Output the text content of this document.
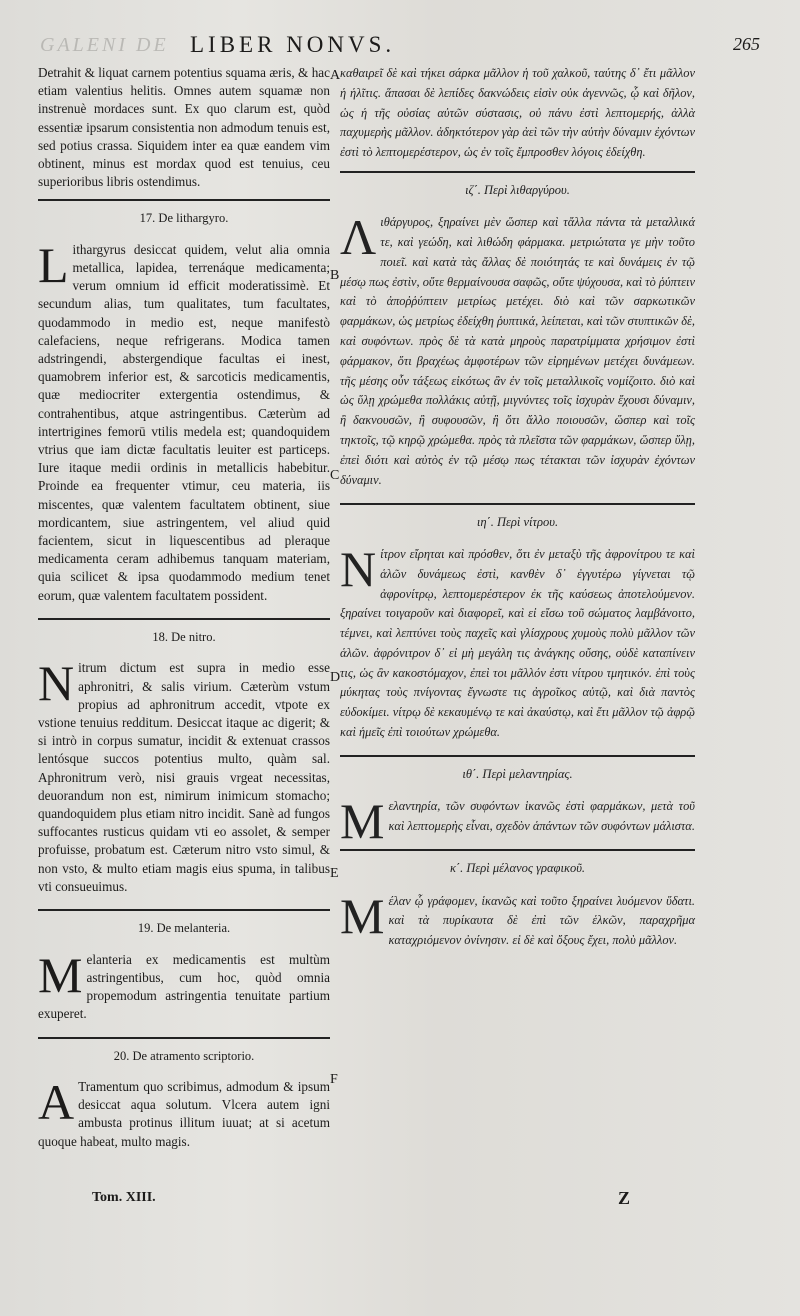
GALENI DE LIBER NONVS.	265

Detrahit & liquat carnem potentius squama æris, & hac etiam valentius helitis. Omnes autem squamæ non instrenuè mordaces sunt. Ex quo clarum est, quòd essentiæ ipsarum consistentia non admodum tenuis est, sed potius crassa. Siquidem inter ea quæ eandem vim obtinent, minus est mordax quod est tenuius, ceu superioribus libris ostendimus.

17. De lithargyro.

Lithargyrus desiccat quidem, velut alia omnia metallica, lapidea, terrenáque medicamenta; verum omnium id efficit moderatissimè. Et secundum alias, tum qualitates, tum facultates, quodammodo in medio est, neque manifestò calefaciens, neque refrigerans. Modica tamen adstringendi, abstergendique facultas ei inest, quamobrem inferior est, & sarcoticis medicamentis, quæ mediocriter extergentia ostendimus, & contrahentibus, atque astringentibus. Cæterùm ad intertrigines femorū vtilis medela est; quandoquidem vtrius que iam dictæ facultatis leuiter est particeps. Iure itaque medii ordinis in metallicis habebitur. Proinde ea frequenter vtimur, ceu materia, iis miscentes, quæ valentem facultatem obtinent, siue mordicantem, siue astringentem, vel aliud quid facientem, sicut in liquescentibus ad pleraque medicamenta ceram adhibemus tanquam materiam, quia scilicet & ipsa quodammodo medium tenet eorum, quæ valentem facultatem possident.

18. De nitro.

Nitrum dictum est supra in medio esse aphronitri, & salis virium. Cæterùm vstum propius ad aphronitrum accedit, vtpote ex vstione tenuius redditum. Desiccat itaque ac digerit; & si intrò in corpus sumatur, incidit & extenuat crassos lentósque succos potentius multo, quàm sal. Aphronitrum verò, nisi grauis vrgeat necessitas, deuorandum non est, nimirum inimicum stomacho; quandoquidem plus etiam nitro incidit. Sanè ad fungos suffocantes rusticus quidam vti eo assolet, & semper profuisse, probatum est. Cæterum nitro vsto simul, & non vsto, & multo etiam magis eius spuma, in talibus vti consueuimus.

19. De melanteria.

Melanteria ex medicamentis est multùm astringentibus, cum hoc, quòd omnia propemodum astringentia tenuitate partium exuperet.

20. De atramento scriptorio.

A Tramentum quo scribimus, admodum & ipsum desiccat aqua solutum. Vlcera autem igni ambusta protinus illitum iuuat; at si acetum quoque habeat, multo magis.

A
B
C
D
E
F

καθαιρεῖ δὲ καὶ τήκει σάρκα μᾶλλον ἡ τοῦ χαλκοῦ, ταύτης δ᾽ ἔτι μᾶλλον ἡ ἡλῖτις. ἅπασαι δὲ λεπίδες δακνώδεις εἰσὶν οὐκ ἀγεννῶς, ᾧ καὶ δῆλον, ὡς ἡ τῆς οὐσίας αὐτῶν σύστασις, οὐ πάνυ ἐστὶ λεπτομερής, ἀλλὰ παχυμερὴς μᾶλλον. ἀδηκτότερον γὰρ ἀεὶ τῶν τὴν αὐτὴν δύναμιν ἐχόντων ἐστὶ τὸ λεπτομερέστερον, ὡς ἐν τοῖς ἔμπροσθεν λόγοις ἐδείχθη.

ιζ΄. Περὶ λιθαργύρου.

Λιθάργυρος, ξηραίνει μὲν ὥσπερ καὶ τἄλλα πάντα τὰ μεταλλικά τε, καὶ γεώδη, καὶ λιθώδη φάρμακα. μετριώτατα γε μὴν τοῦτο ποιεῖ. καὶ κατὰ τὰς ἄλλας δὲ ποιότητάς τε καὶ δυνάμεις ἐν τῷ μέσῳ πως ἐστὶν, οὔτε θερμαίνουσα σαφῶς, οὔτε ψύχουσα, καὶ τὸ ῥύπτειν καὶ τὸ ἀποῤῥύπτειν μετρίως μετέχει. διὸ καὶ τῶν σαρκωτικῶν φαρμάκων, ὡς μετρίως ἐδείχθη ῥυπτικά, λείπεται, καὶ τῶν στυπτικῶν δὲ, καὶ συφόντων. πρὸς δὲ τὰ κατὰ μηροὺς παρατρίμματα χρήσιμον ἐστὶ φάρμακον, ὅτι βραχέως ἀμφοτέρων τῶν εἰρημένων μετέχει δυνάμεων. τῆς μέσης οὖν τάξεως εἰκότως ἂν ἐν τοῖς μεταλλικοῖς νομίζοιτο. διὸ καὶ ὡς ὕλῃ χρώμεθα πολλάκις αὐτῇ, μιγνύντες τοῖς ἰσχυρὰν ἔχουσι δύναμιν, ἢ δακνουσῶν, ἢ συφουσῶν, ἢ ὅτι ἄλλο ποιουσῶν, ὥσπερ καὶ τοῖς τηκτοῖς, τῷ κηρῷ χρώμεθα. πρὸς τὰ πλεῖστα τῶν φαρμάκων, ὥσπερ ὕλῃ, ἐπεὶ διότι καὶ αὐτὸς ἐν τῷ μέσῳ πως τέτακται τῶν ἰσχυρὰν ἐχόντων δύναμιν.

ιη΄. Περὶ νίτρου.

Νίτρον εἴρηται καὶ πρόσθεν, ὅτι ἐν μεταξὺ τῆς ἀφρονίτρου τε καὶ ἁλῶν δυνάμεως ἐστὶ, κανθὲν δ᾽ ἐγγυτέρω γίγνεται τῷ ἀφρονίτρῳ, λεπτομερέστερον ἐκ τῆς καύσεως ἀποτελούμενον. ξηραίνει τοιγαροῦν καὶ διαφορεῖ, καὶ εἰ εἴσω τοῦ σώματος λαμβάνοιτο, τέμνει, καὶ λεπτύνει τοὺς παχεῖς καὶ γλίσχρους χυμοὺς πολὺ μᾶλλον τῶν ἁλῶν. ἀφρόνιτρον δ᾽ εἰ μὴ μεγάλη τις ἀνάγκης οὔσης, οὐδὲ καταπίνειν τις, ὡς ἂν κακοστόμαχον, ἐπεὶ τοι μᾶλλόν ἐστι νίτρου τμητικόν. ἐπὶ τοὺς μύκητας τοὺς πνίγοντας ἔγνωστε τις ἀγροῖκος αὐτῷ, καὶ διὰ παντὸς εὐδοκίμει. νίτρῳ δὲ κεκαυμένῳ τε καὶ ἀκαύστῳ, καὶ ἔτι μᾶλλον τῷ ἀφρῷ καὶ ἡμεῖς ἐπὶ τοιούτων χρώμεθα.

ιθ΄. Περὶ μελαντηρίας.

Μελαντηρία, τῶν συφόντων ἱκανῶς ἐστὶ φαρμάκων, μετὰ τοῦ καὶ λεπτομερὴς εἶναι, σχεδὸν ἁπάντων τῶν συφόντων μάλιστα.

κ΄. Περὶ μέλανος γραφικοῦ.

Μέλαν ᾧ γράφομεν, ἱκανῶς καὶ τοῦτο ξηραίνει λυόμενον ὕδατι. καὶ τὰ πυρίκαυτα δὲ ἐπὶ τῶν ἑλκῶν, παραχρῆμα καταχριόμενον ὀνίνησιν. εἰ δὲ καὶ ὄξους ἔχει, πολὺ μᾶλλον.

Tom. XIII.	Z
